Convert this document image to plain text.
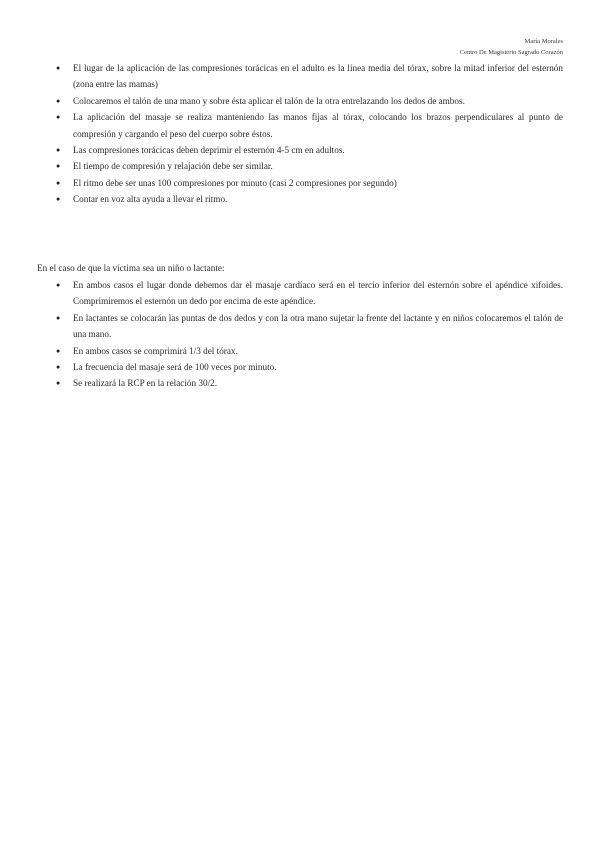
María Morales
Centro De Magisterio Sagrado Corazón
● El lugar de la aplicación de las compresiones torácicas en el adulto es la línea media del tórax, sobre la mitad inferior del esternón (zona entre las mamas)
● Colocaremos el talón de una mano y sobre ésta aplicar el talón de la otra entrelazando los dedos de ambos.
● La aplicación del masaje se realiza manteniendo las manos fijas al tórax, colocando los brazos perpendiculares al punto de compresión y cargando el peso del cuerpo sobre éstos.
● Las compresiones torácicas deben deprimir el esternón 4-5 cm en adultos.
● El tiempo de compresión y relajación debe ser similar.
● El ritmo debe ser unas 100 compresiones por minuto (casi 2 compresiones por segundo)
● Contar en voz alta ayuda a llevar el ritmo.
En el caso de que la víctima sea un niño o lactante:
● En ambos casos el lugar donde debemos dar el masaje cardíaco será en el tercio inferior del esternón sobre el apéndice xifoides. Comprimiremos el esternón un dedo por encima de este apéndice.
● En lactantes se colocarán las puntas de dos dedos y con la otra mano sujetar la frente del lactante y en niños colocaremos el talón de una mano.
● En ambos casos se comprimirá 1/3 del tórax.
● La frecuencia del masaje será de 100 veces por minuto.
● Se realizará la RCP en la relación 30/2.
